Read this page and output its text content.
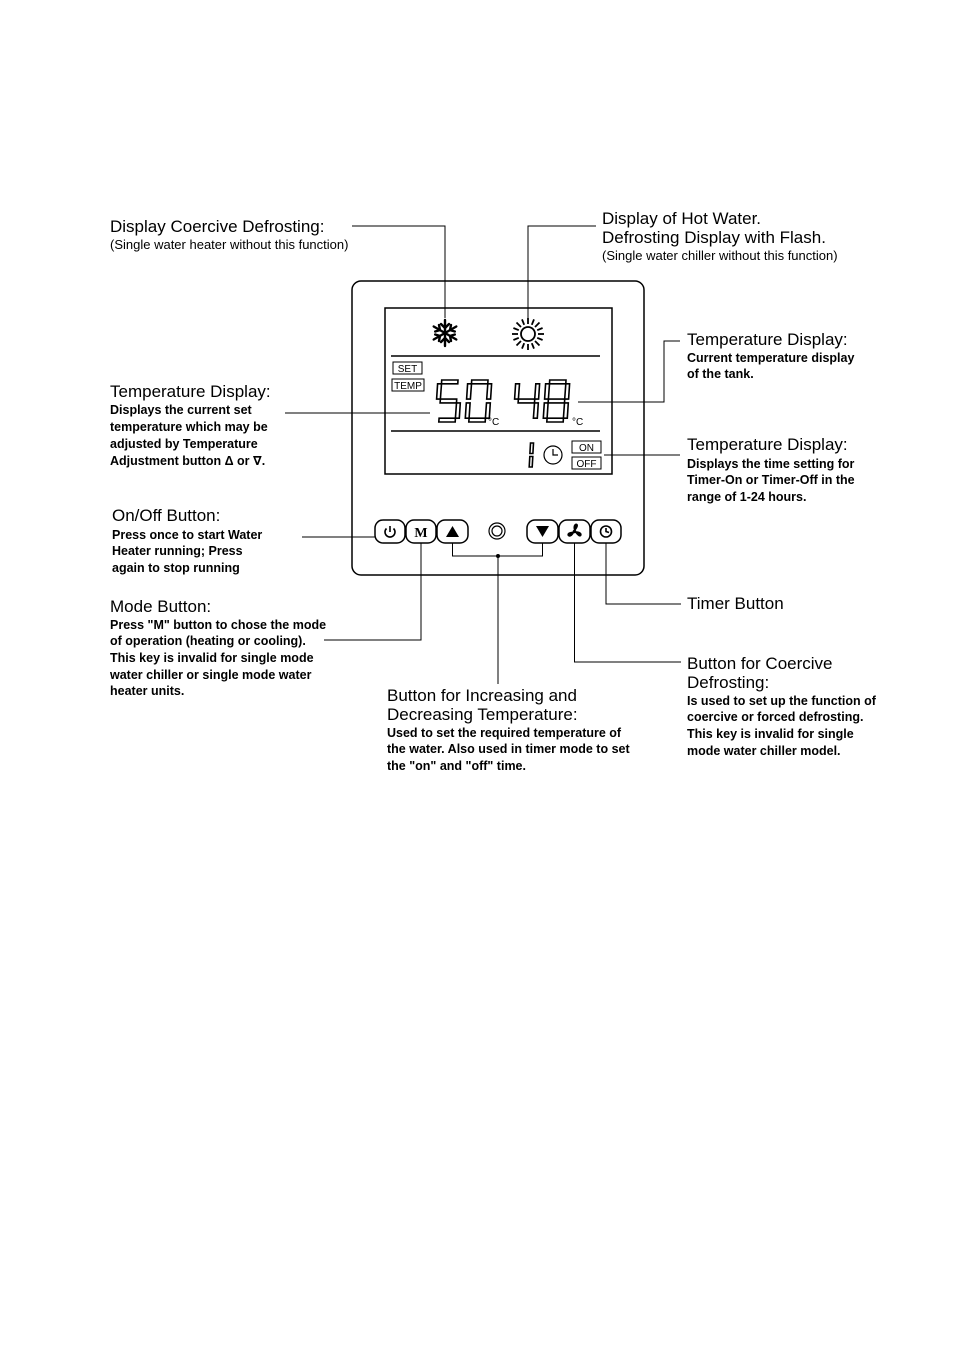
SET
TEMP
°C	°C
ON
OFF
M
Display Coercive Defrosting:
(Single water heater without this function)
Display of Hot Water.
Defrosting Display with Flash.
(Single water chiller without this function)
Temperature Display:
Current temperature display
of the tank.
Temperature Display:
Displays the current set
temperature which may be
adjusted by Temperature
Adjustment button Δ or ∇.
Temperature Display:
Displays the time setting for
Timer-On or Timer-Off in the
range of 1-24 hours.
On/Off Button:
Press once to start Water
Heater running; Press
again to stop running
Mode Button:
Press "M" button to chose the mode
of operation (heating or cooling).
This key is invalid for single mode
water chiller or single mode water
heater units.
Timer Button
Button for Coercive
Defrosting:
Is used to set up the function of
coercive or forced defrosting.
This key is invalid for single
mode water chiller model.
Button for Increasing and
Decreasing Temperature:
Used to set the required temperature of
the water. Also used in timer mode to set
the "on" and "off" time.
